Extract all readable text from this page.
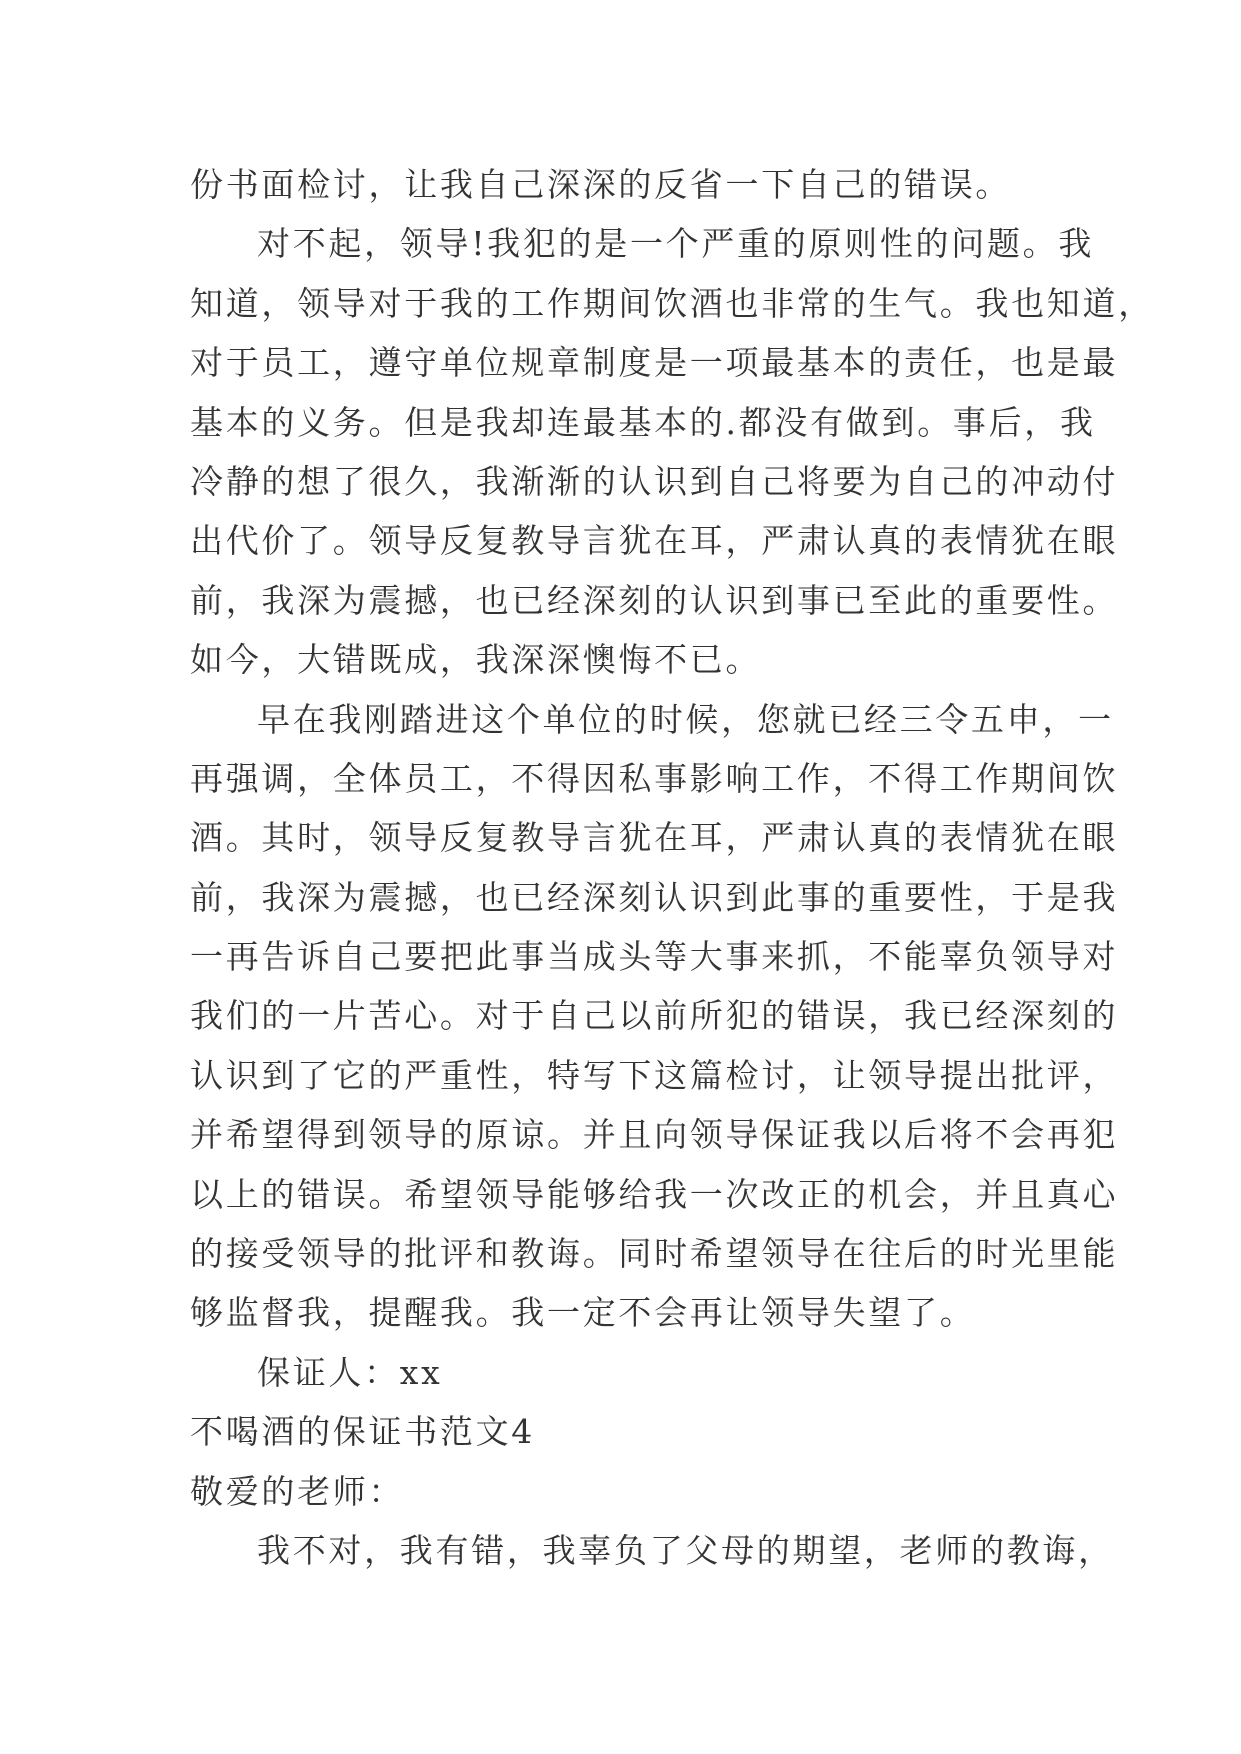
份书面检讨，让我自己深深的反省一下自己的错误。
对不起，领导!我犯的是一个严重的原则性的问题。我
知道，领导对于我的工作期间饮酒也非常的生气。我也知道，
对于员工，遵守单位规章制度是一项最基本的责任，也是最
基本的义务。但是我却连最基本的.都没有做到。事后，我
冷静的想了很久，我渐渐的认识到自己将要为自己的冲动付
出代价了。领导反复教导言犹在耳，严肃认真的表情犹在眼
前，我深为震撼，也已经深刻的认识到事已至此的重要性。
如今，大错既成，我深深懊悔不已。
早在我刚踏进这个单位的时候，您就已经三令五申，一
再强调，全体员工，不得因私事影响工作，不得工作期间饮
酒。其时，领导反复教导言犹在耳，严肃认真的表情犹在眼
前，我深为震撼，也已经深刻认识到此事的重要性，于是我
一再告诉自己要把此事当成头等大事来抓，不能辜负领导对
我们的一片苦心。对于自己以前所犯的错误，我已经深刻的
认识到了它的严重性，特写下这篇检讨，让领导提出批评，
并希望得到领导的原谅。并且向领导保证我以后将不会再犯
以上的错误。希望领导能够给我一次改正的机会，并且真心
的接受领导的批评和教诲。同时希望领导在往后的时光里能
够监督我，提醒我。我一定不会再让领导失望了。
保证人：xx
不喝酒的保证书范文4
敬爱的老师：
我不对，我有错，我辜负了父母的期望，老师的教诲，
